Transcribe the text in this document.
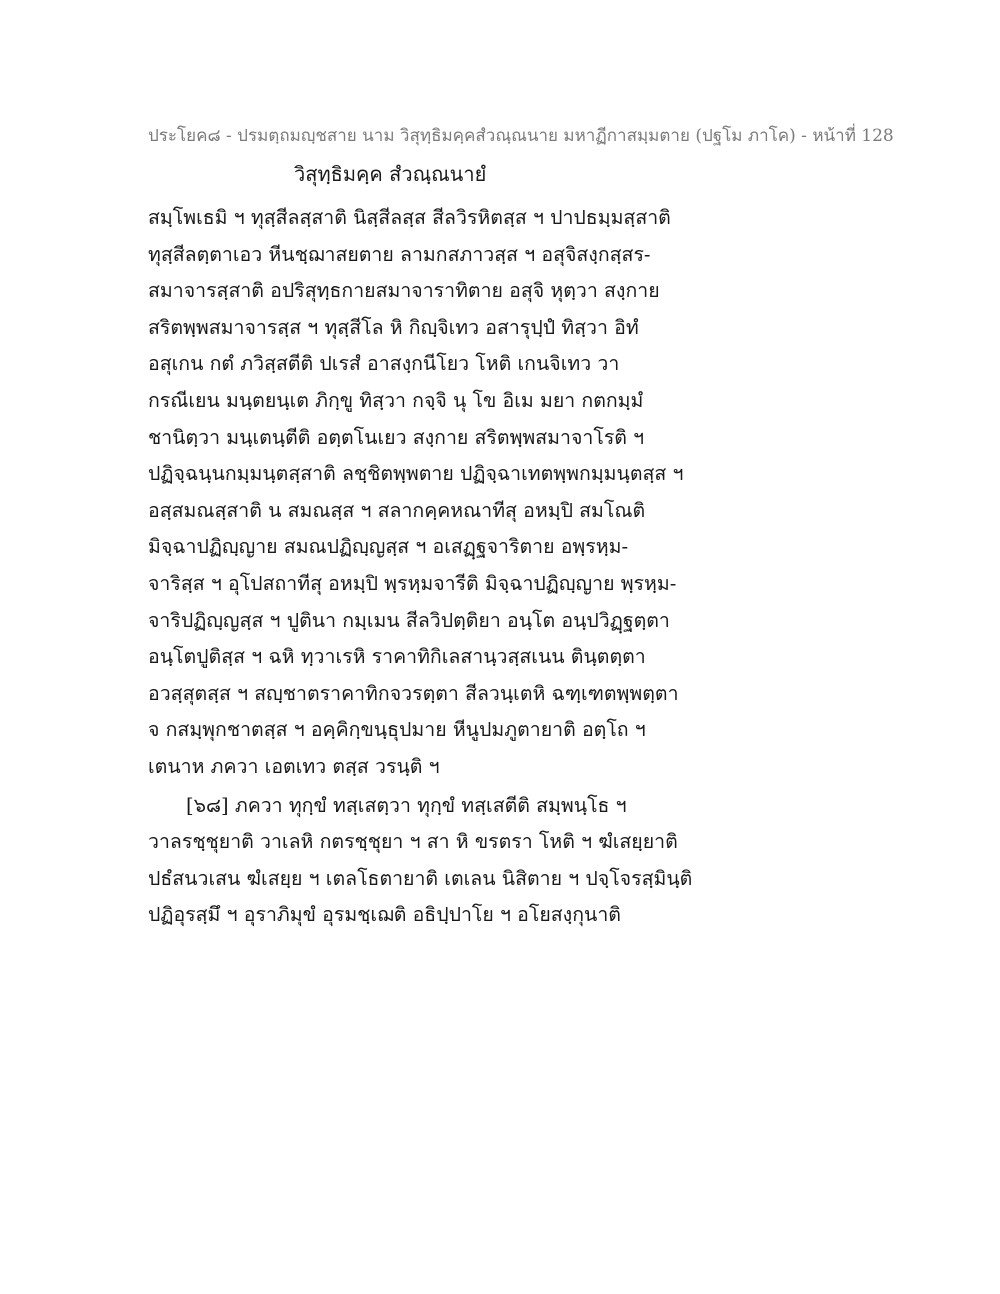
ประโยค๘ - ปรมตฺถมญฺชสาย นาม วิสุทฺธิมคฺคสํวณฺณนาย มหาฏีกาสมฺมตาย (ปฐโม ภาโค) - หน้าที่ 128
วิสุทฺธิมคฺค สํวณฺณนายํ
สมฺโพเธมิ ฯ ทุสฺสีลสฺสาติ นิสฺสีลสฺส สีลวิรหิตสฺส ฯ ปาปธมฺมสฺสาติ
ทุสฺสีลตฺตาเอว หีนชฺฌาสยตาย ลามกสภาวสฺส ฯ อสุจิสงฺกสฺสร-
สมาจารสฺสาติ อปริสุทฺธกายสมาจาราทิตาย อสุจิ หุตฺวา สงฺกาย
สริตพฺพสมาจารสฺส ฯ ทุสฺสีโล หิ กิญฺจิเทว อสารุปฺปํ ทิสฺวา อิทํ
อสุเกน กตํ ภวิสฺสตีติ ปเรสํ อาสงฺกนีโยว โหติ เกนจิเทว วา
กรณีเยน มนฺตยนฺเต ภิกฺขู ทิสฺวา กจฺจิ นุ โข อิเม มยา กตกมฺมํ
ชานิตฺวา มนฺเตนฺตีติ อตฺตโนเยว สงฺกาย สริตพฺพสมาจาโรติ ฯ
ปฏิจฺฉนฺนกมฺมนฺตสฺสาติ ลชฺชิตพฺพตาย ปฏิจฺฉาเทตพฺพกมฺมนฺตสฺส ฯ
อสฺสมณสฺสาติ น สมณสฺส ฯ สลากคฺคหณาทีสุ อหมฺปิ สมโณติ
มิจฺฉาปฏิญฺญาย สมณปฏิญฺญสฺส ฯ อเสฏฺฐจาริตาย อพฺรหฺม-
จาริสฺส ฯ อุโปสถาทีสุ อหมฺปิ พฺรหฺมจารีติ มิจฺฉาปฏิญฺญาย พฺรหฺม-
จาริปฏิญฺญสฺส ฯ ปูตินา กมฺเมน สีลวิปตฺติยา อนฺโต อนฺปวิฏฺฐตฺตา
อนฺโตปูติสฺส ฯ ฉหิ ทฺวาเรหิ ราคาทิกิเลสานฺวสฺสเนน ตินฺตตฺตา
อวสฺสุตสฺส ฯ สญฺชาตราคาทิกจวรตฺตา สีลวนฺเตหิ ฉฑฺเฑตพฺพตฺตา
จ กสมฺพุกชาตสฺส ฯ อคฺคิกฺขนฺธุปมาย หีนูปมภูตายาติ อตฺโถ ฯ
เตนาห ภควา เอตเทว ตสฺส วรนฺติ ฯ
[๖๘] ภควา ทุกฺขํ ทสฺเสตฺวา ทุกฺขํ ทสฺเสตีติ สมฺพนฺโธ ฯ
วาลรชฺชุยาติ วาเลหิ กตรชฺชุยา ฯ สา หิ ขรตรา โหติ ฯ ฆํเสยฺยาติ
ปธํสนวเสน ฆํเสยฺย ฯ เตลโธตายาติ เตเลน นิสิตาย ฯ ปจฺโจรสฺมินฺติ
ปฏิอุรสฺมึ ฯ อุราภิมุขํ อุรมชฺเฌติ อธิปฺปาโย ฯ อโยสงฺกุนาติ
